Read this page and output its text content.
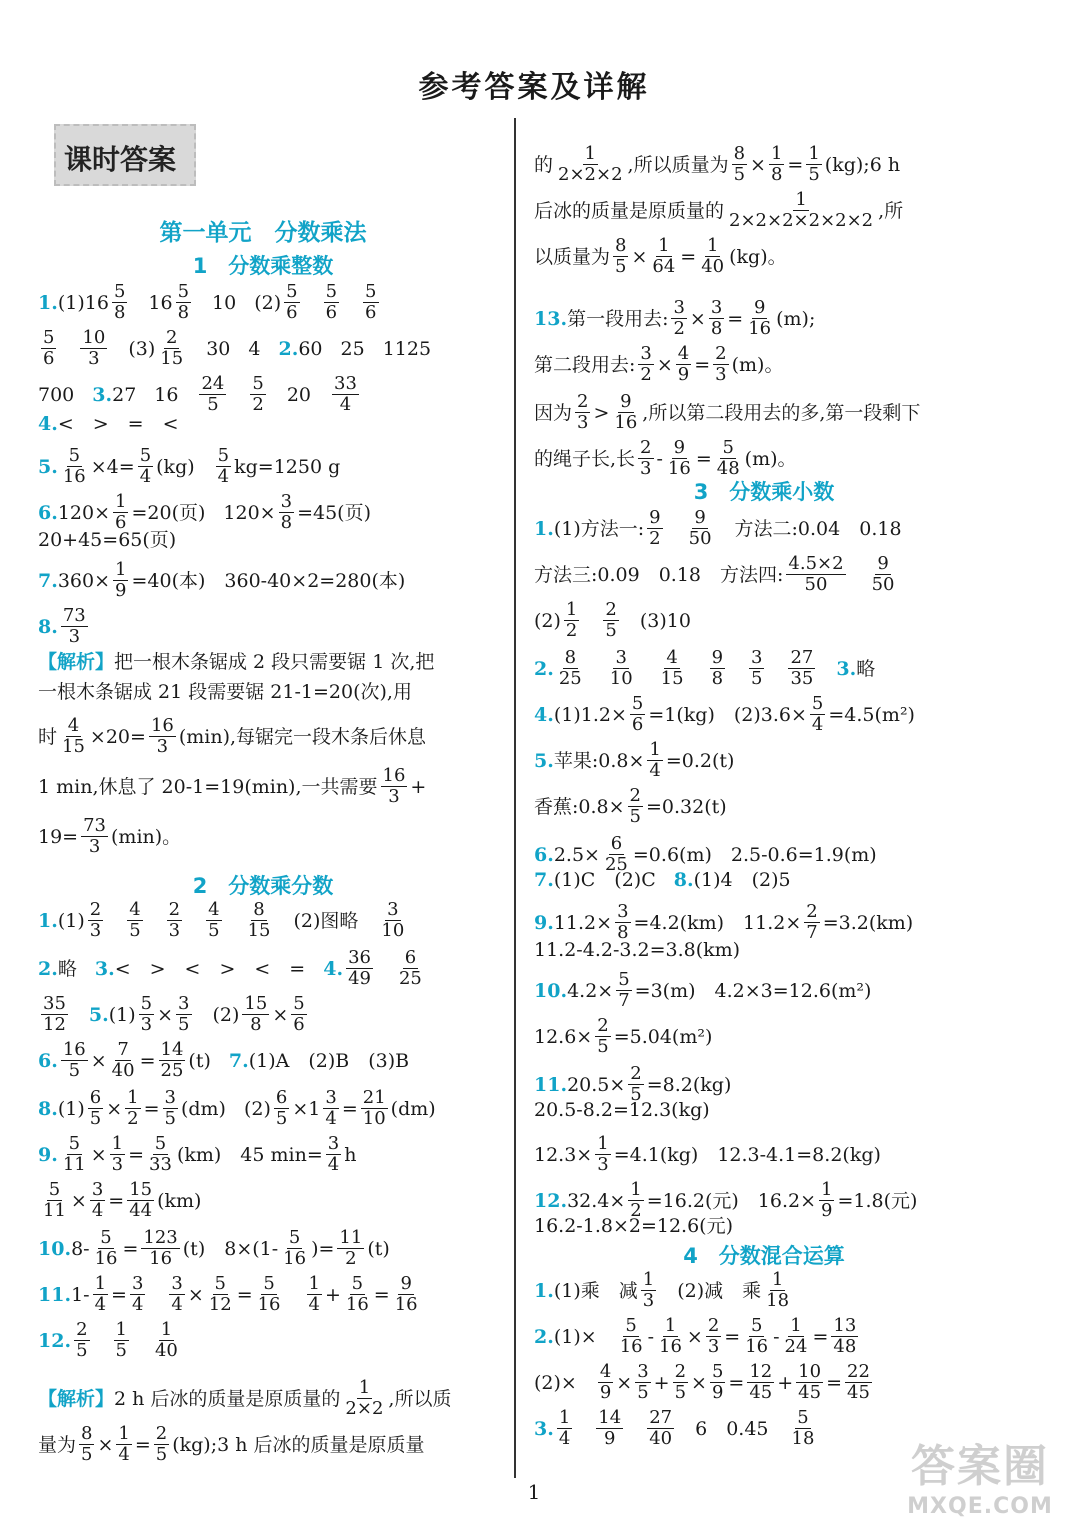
参考答案及详解
课时答案
第一单元　分数乘法
1　分数乘整数
1. $(1)16 \frac{5}{8} 16 \frac{5}{8} 10$ $(2) \frac{5}{6} \frac{5}{6} \frac{5}{6}$
$\frac{5}{6} \frac{10}{3} (3) \frac{2}{15} 30$ 4 2. 60 25 1125
700 3. 27 $16 \frac{24}{5} \frac{5}{2} 20 \frac{33}{4}$
4. <　>　=　<
5. $\frac{5}{16} \times 4= \frac{5}{4} (kg) \frac{5}{4} kg=1250$ g
6. $120\times \frac{1}{6} =20$(页) $120\times \frac{3}{8} =45$(页)
20+45=65(页)
7. $360\times \frac{1}{9} =40$(本)　360-40×2=280(本)
8. $\frac{73}{3}$
【解析】 把一根木条锯成 2 段只需要锯 1 次,把
一根木条锯成 21 段需要锯 21-1=20(次),用
时 $\frac{4}{15} \times 20= \frac{16}{3} (\min)$,每锯完一段木条后休息
1 min,休息了 20-1=19(min),一共需要 $\frac{16}{3}$ +
$19= \frac{73}{3} (\min)$。
2　分数乘分数
1. $(1) \frac{2}{3} \frac{4}{5} \frac{2}{3} \frac{4}{5} \frac{8}{15} (2)$图略 $\frac{3}{10}$
2. 略 3. <　>　<　>　<　= 4. $\frac{36}{49} \frac{6}{25}$
$\frac{35}{12} 5$. $(1) \frac{5}{3} \times \frac{3}{5} (2) \frac{15}{8} \times \frac{5}{6}$
6. $\frac{16}{5} \times \frac{7}{40} = \frac{14}{25} (t)$ 7. (1)A　(2)B　(3)B
8. $(1) \frac{6}{5} \times \frac{1}{2} = \frac{3}{5} (dm)$ $(2) \frac{6}{5} \times 1 \frac{3}{4} = \frac{21}{10} (dm)$
9. $\frac{5}{11} \times \frac{1}{3} = \frac{5}{33} (km)$　45 $\min= \frac{3}{4}$ h
$\frac{5}{11} \times \frac{3}{4} = \frac{15}{44} (km)$
10. $8- \frac{5}{16} = \frac{123}{16} (t)$　$8\times(1- \frac{5}{16}$ )= $\frac{11}{2} (t)$
11. $1- \frac{1}{4} = \frac{3}{4} \frac{3}{4} \times \frac{5}{12} = \frac{5}{16} \frac{1}{4} + \frac{5}{16} = \frac{9}{16}$
12. $\frac{2}{5} \frac{1}{5} \frac{1}{40}$
【解析】 2 h 后冰的质量是原质量的 $\frac{1}{2\times 2}$ ,所以质
量为 $\frac{8}{5} \times \frac{1}{4} = \frac{2}{5}$ (kg);3 h 后冰的质量是原质量
的 $\frac{1}{2\times 2\times 2}$ ,所以质量为 $\frac{8}{5} \times \frac{1}{8} = \frac{1}{5}$ (kg);6 h
后冰的质量是原质量的 $\frac{1}{2\times 2\times 2\times 2\times 2\times 2}$ ,所
以质量为 $\frac{8}{5} \times \frac{1}{64} = \frac{1}{40} (kg)$。
13. 第一段用去: $\frac{3}{2} \times \frac{3}{8} = \frac{9}{16} (m)$;
第二段用去: $\frac{3}{2} \times \frac{4}{9} = \frac{2}{3} (m)$。
因为 $\frac{2}{3} > \frac{9}{16}$ ,所以第二段用去的多,第一段剩下
的绳子长,长 $\frac{2}{3} - \frac{9}{16} = \frac{5}{48} (m)$。
3　分数乘小数
1. (1)方法一: $\frac{9}{2} \frac{9}{50}$ 方法二:0.04　0.18
方法三:0.09　0.18　方法四: $\frac{4.5\times 2}{50} \frac{9}{50}$
$(2) \frac{1}{2} \frac{2}{5} (3)10$
2. $\frac{8}{25} \frac{3}{10} \frac{4}{15} \frac{9}{8} \frac{3}{5} \frac{27}{35} 3$. 略
4. $(1)1.2\times \frac{5}{6} =1(kg)$　$(2)3.6\times \frac{5}{4} =4.5(m^2)$
5. 苹果:0.8× $\frac{1}{4} =0.2(t)$
香蕉:0.8× $\frac{2}{5} =0.32(t)$
6. $2.5\times \frac{6}{25} =0.6(m)$　2.5-0.6=1.9(m)
7. (1)C　(2)C 8. (1)4　(2)5
9. $11.2\times \frac{3}{8} =4.2(km)$　$11.2\times \frac{2}{7} =3.2(km)$
11.2-4.2-3.2=3.8(km)
10. $4.2\times \frac{5}{7} =3(m)$　4.2×3=12.6(m²)
$12.6\times \frac{2}{5} =5.04(m^2)$
11. $20.5\times \frac{2}{5} =8.2(kg)$
20.5-8.2=12.3(kg)
$12.3\times \frac{1}{3} =4.1(kg)$　12.3-4.1=8.2(kg)
12. $32.4\times \frac{1}{2} =16.2$(元)　$16.2\times \frac{1}{9} =1.8$(元)
16.2-1.8×2=12.6(元)
4　分数混合运算
1. (1)乘　减 $\frac{1}{3} (2)$减　乘 $\frac{1}{18}$
2. $(1)\times \frac{5}{16} - \frac{1}{16} \times \frac{2}{3} = \frac{5}{16} - \frac{1}{24} = \frac{13}{48}$
$(2)\times \frac{4}{9} \times \frac{3}{5} + \frac{2}{5} \times \frac{5}{9} = \frac{12}{45} + \frac{10}{45} = \frac{22}{45}$
3. $\frac{1}{4} \frac{14}{9} \frac{27}{40} 6$　$0.45 \frac{5}{18}$
1	答案圈
MXQE.COM
